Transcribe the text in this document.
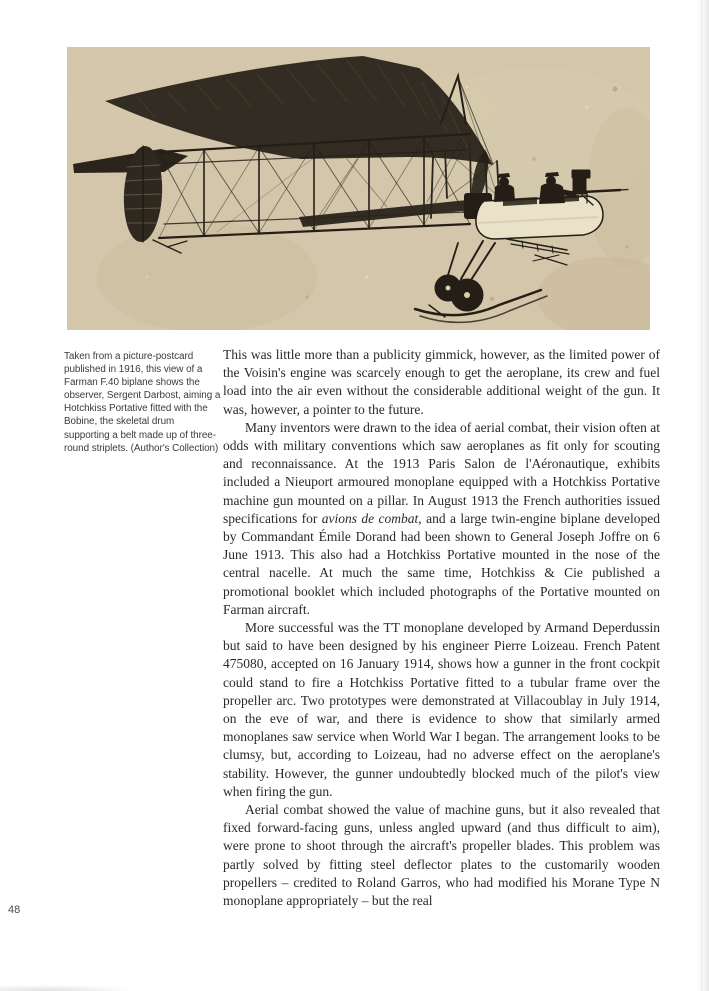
Taken from a picture-postcard published in 1916, this view of a Farman F.40 biplane shows the observer, Sergent Darbost, aiming a Hotchkiss Portative fitted with the Bobine, the skeletal drum supporting a belt made up of three-round striplets. (Author's Collection)

This was little more than a publicity gimmick, however, as the limited power of the Voisin's engine was scarcely enough to get the aeroplane, its crew and fuel load into the air even without the considerable additional weight of the gun. It was, however, a pointer to the future.

Many inventors were drawn to the idea of aerial combat, their vision often at odds with military conventions which saw aeroplanes as fit only for scouting and reconnaissance. At the 1913 Paris Salon de l'Aéronautique, exhibits included a Nieuport armoured monoplane equipped with a Hotchkiss Portative machine gun mounted on a pillar. In August 1913 the French authorities issued specifications for avions de combat, and a large twin-engine biplane developed by Commandant Émile Dorand had been shown to General Joseph Joffre on 6 June 1913. This also had a Hotchkiss Portative mounted in the nose of the central nacelle. At much the same time, Hotchkiss & Cie published a promotional booklet which included photographs of the Portative mounted on Farman aircraft.

More successful was the TT monoplane developed by Armand Deperdussin but said to have been designed by his engineer Pierre Loizeau. French Patent 475080, accepted on 16 January 1914, shows how a gunner in the front cockpit could stand to fire a Hotchkiss Portative fitted to a tubular frame over the propeller arc. Two prototypes were demonstrated at Villacoublay in July 1914, on the eve of war, and there is evidence to show that similarly armed monoplanes saw service when World War I began. The arrangement looks to be clumsy, but, according to Loizeau, had no adverse effect on the aeroplane's stability. However, the gunner undoubtedly blocked much of the pilot's view when firing the gun.

Aerial combat showed the value of machine guns, but it also revealed that fixed forward-facing guns, unless angled upward (and thus difficult to aim), were prone to shoot through the aircraft's propeller blades. This problem was partly solved by fitting steel deflector plates to the customarily wooden propellers – credited to Roland Garros, who had modified his Morane Type N monoplane appropriately – but the real

48
